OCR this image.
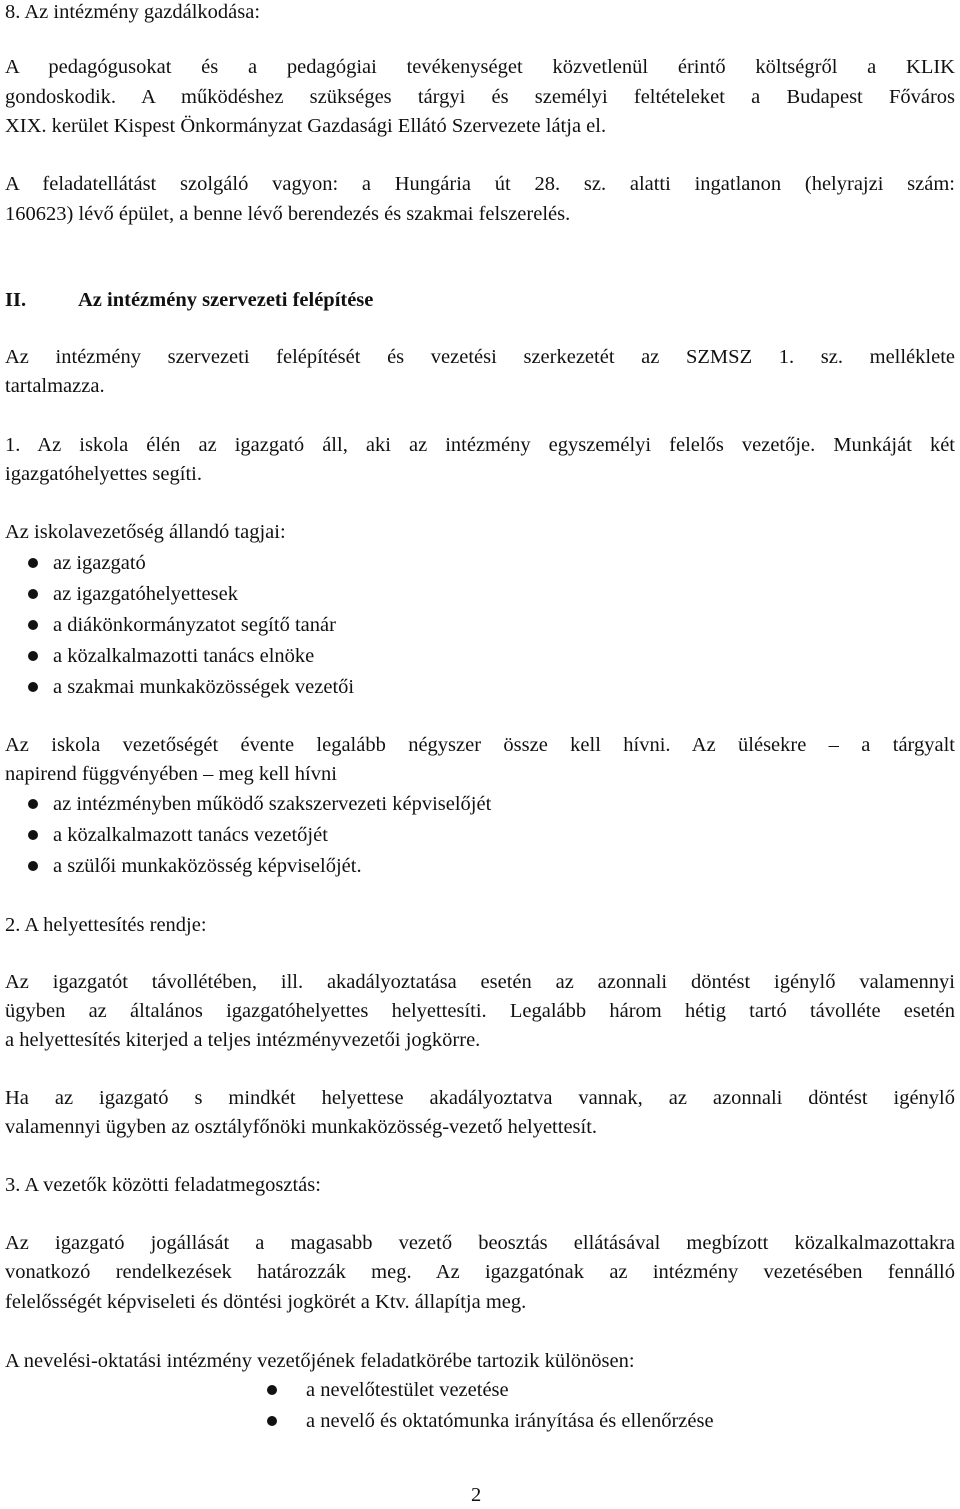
8. Az intézmény gazdálkodása:
A pedagógusokat és a pedagógiai tevékenységet közvetlenül érintő költségről a KLIK
gondoskodik. A működéshez szükséges tárgyi és személyi feltételeket a Budapest Főváros
XIX. kerület Kispest Önkormányzat Gazdasági Ellátó Szervezete látja el.
A feladatellátást szolgáló vagyon: a Hungária út 28. sz. alatti ingatlanon (helyrajzi szám:
160623) lévő épület, a benne lévő berendezés és szakmai felszerelés.
II.	Az intézmény szervezeti felépítése
Az intézmény szervezeti felépítését és vezetési szerkezetét az SZMSZ 1. sz. melléklete
tartalmazza.
1. Az iskola élén az igazgató áll, aki az intézmény egyszemélyi felelős vezetője. Munkáját két
igazgatóhelyettes segíti.
Az iskolavezetőség állandó tagjai:
az igazgató
az igazgatóhelyettesek
a diákönkormányzatot segítő tanár
a közalkalmazotti tanács elnöke
a szakmai munkaközösségek vezetői
Az iskola vezetőségét évente legalább négyszer össze kell hívni. Az ülésekre – a tárgyalt
napirend függvényében – meg kell hívni
az intézményben működő szakszervezeti képviselőjét
a közalkalmazott tanács vezetőjét
a szülői munkaközösség képviselőjét.
2. A helyettesítés rendje:
Az igazgatót távollétében, ill. akadályoztatása esetén az azonnali döntést igénylő valamennyi
ügyben az általános igazgatóhelyettes helyettesíti. Legalább három hétig tartó távolléte esetén
a helyettesítés kiterjed a teljes intézményvezetői jogkörre.
Ha az igazgató s mindkét helyettese akadályoztatva vannak, az azonnali döntést igénylő
valamennyi ügyben az osztályfőnöki munkaközösség-vezető helyettesít.
3. A vezetők közötti feladatmegosztás:
Az igazgató jogállását a magasabb vezető beosztás ellátásával megbízott közalkalmazottakra
vonatkozó rendelkezések határozzák meg. Az igazgatónak az intézmény vezetésében fennálló
felelősségét képviseleti és döntési jogkörét a Ktv. állapítja meg.
A nevelési-oktatási intézmény vezetőjének feladatkörébe tartozik különösen:
a nevelőtestület vezetése
a nevelő és oktatómunka irányítása és ellenőrzése
2
